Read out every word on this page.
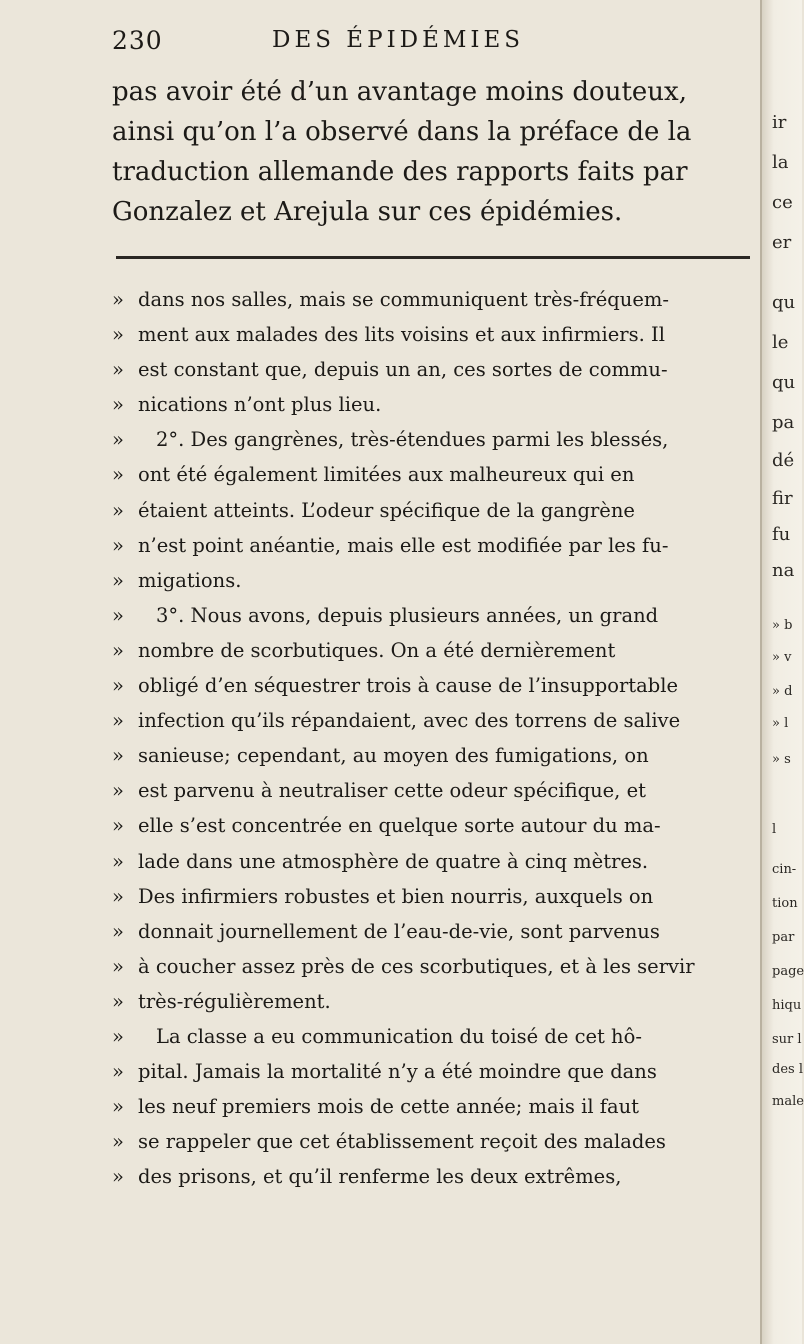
230	DES ÉPIDÉMIES
pas avoir été d’un avantage moins douteux,
ainsi qu’on l’a observé dans la préface de la
traduction allemande des rapports faits par
Gonzalez et Arejula sur ces épidémies.
» dans nos salles, mais se communiquent très-fréquem-
» ment aux malades des lits voisins et aux infirmiers. Il
» est constant que, depuis un an, ces sortes de commu-
» nications n’ont plus lieu.
» 2°. Des gangrènes, très-étendues parmi les blessés,
» ont été également limitées aux malheureux qui en
» étaient atteints. L’odeur spécifique de la gangrène
» n’est point anéantie, mais elle est modifiée par les fu-
» migations.
» 3°. Nous avons, depuis plusieurs années, un grand
» nombre de scorbutiques. On a été dernièrement
» obligé d’en séquestrer trois à cause de l’insupportable
» infection qu’ils répandaient, avec des torrens de salive
» sanieuse; cependant, au moyen des fumigations, on
» est parvenu à neutraliser cette odeur spécifique, et
» elle s’est concentrée en quelque sorte autour du ma-
» lade dans une atmosphère de quatre à cinq mètres.
» Des infirmiers robustes et bien nourris, auxquels on
» donnait journellement de l’eau-de-vie, sont parvenus
» à coucher assez près de ces scorbutiques, et à les servir
» très-régulièrement.
» La classe a eu communication du toisé de cet hô-
» pital. Jamais la mortalité n’y a été moindre que dans
» les neuf premiers mois de cette année; mais il faut
» se rappeler que cet établissement reçoit des malades
» des prisons, et qu’il renferme les deux extrêmes,
ir
la
ce
er
qu
le
qu
pa
dé
fir
fu
na
» b
» v
» d
» l
» s
l
cin-
tion
par
page
hiqu
sur l
des l
male
